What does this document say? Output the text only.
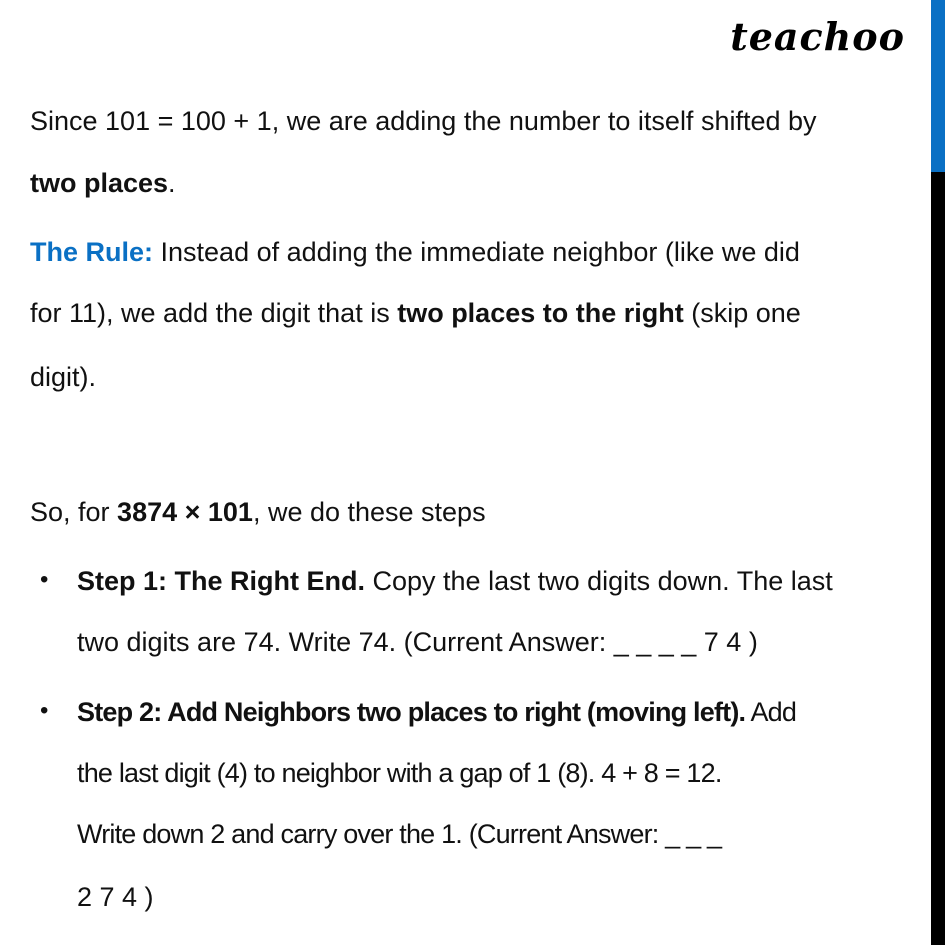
teachoo
Since 101 = 100 + 1, we are adding the number to itself shifted by
two places.
The Rule: Instead of adding the immediate neighbor (like we did
for 11), we add the digit that is two places to the right (skip one
digit).
So, for 3874 × 101, we do these steps
• Step 1: The Right End. Copy the last two digits down. The last
two digits are 74. Write 74. (Current Answer: _ _ _ _ 7 4 )
• Step 2: Add Neighbors two places to right (moving left). Add
the last digit (4) to neighbor with a gap of 1 (8). 4 + 8 = 12.
Write down 2 and carry over the 1. (Current Answer: _ _ _
2 7 4 )
